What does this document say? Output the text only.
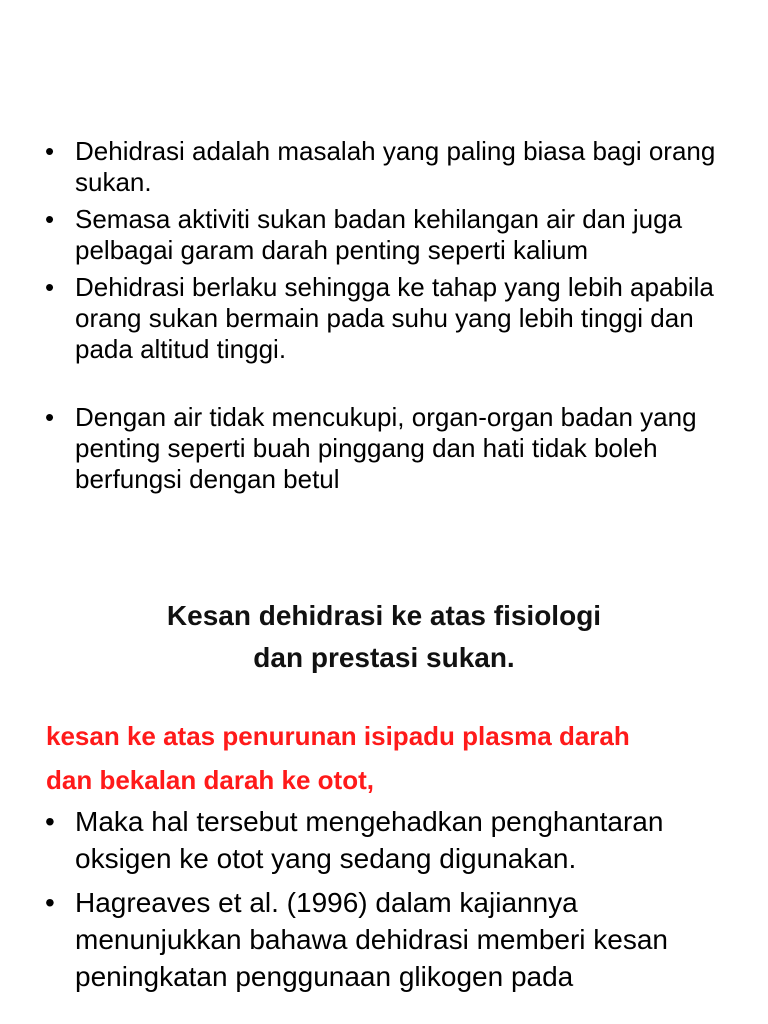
• Dehidrasi adalah masalah yang paling biasa bagi orang sukan.
• Semasa aktiviti sukan badan kehilangan air dan juga pelbagai garam darah penting seperti kalium
• Dehidrasi berlaku sehingga ke tahap yang lebih apabila orang sukan bermain pada suhu yang lebih tinggi dan pada altitud tinggi.
• Dengan air tidak mencukupi, organ-organ badan yang penting seperti buah pinggang dan hati tidak boleh berfungsi dengan betul
Kesan dehidrasi ke atas fisiologi
dan prestasi sukan.

kesan ke atas penurunan isipadu plasma darah
dan bekalan darah ke otot,

• Maka hal tersebut mengehadkan penghantaran oksigen ke otot yang sedang digunakan.
• Hagreaves et al. (1996) dalam kajiannya menunjukkan bahawa dehidrasi memberi kesan peningkatan penggunaan glikogen pada
